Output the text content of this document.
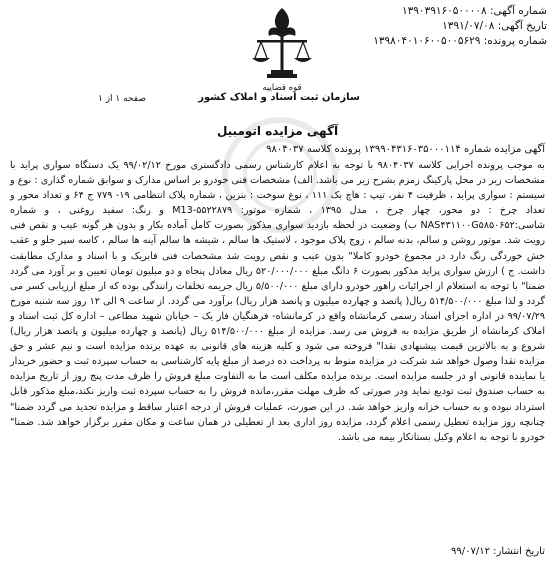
شماره آگهی: ۱۳۹۰۳۹۱۶۰۵۰۰۰۰۸
تاریخ آگهی: ۱۳۹۱/۰۷/۰۸
شماره پرونده: ۱۳۹۸۰۴۰۱۰۶۰۰۵۰۰۵۶۲۹
قوه قضاییه
سازمان ثبت اسناد و املاک کشور
صفحه ۱ از ۱
آگهی مزایده اتومبیل
آگهی مزایده شماره ۱۳۹۹۰۴۳۱۶۰۳۵۰۰۰۱۱۴ پرونده کلاسه ۹۸۰۴۰۳۷

به موجب پرونده اجرایی کلاسه ۹۸۰۴۰۳۷ با توجه به اعلام کارشناس رسمی دادگستری مورخ ۹۹/۰۲/۱۲ یک دستگاه سواری پراید با مشخصات زیر در محل پارکینگ زمزم بشرح زیر می باشد. الف) مشخصات فنی خودرو بر اساس مدارک و سوابق شماره گذاری : نوع و سیستم : سواری پراید ، ظرفیت ۴ نفر، تیپ : هاچ بک ۱۱۱ ، نوع سوخت : بنزین ، شماره پلاک انتظامی ۱۹- ۷۷۹ ج ۶۴ و تعداد محور و تعداد چرخ : دو محور، چهار چرخ ، مدل ۱۳۹۵ ، شماره موتور: M13-۵۵۲۲۸۷۹ و رنگ: سفید روغنی ، و شماره شاسی:NAS۴۳۱۱۰۰G۵۸۵۰۶۵۲ ب) وضعیت در لحظه بازدید سواری مذکور بصورت کامل آماده بکار و بدون هر گونه عیب و نقص فنی رویت شد. موتور روشن و سالم، بدنه سالم ، زوج پلاک موجود ، لاستیک ها سالم ، شیشه ها سالم آینه ها سالم ، کاسه سپر جلو و عقب خش خوردگی رنگ دارد در مجموع خودرو کاملا" بدون عیب و نقص رویت شد مشخصات فنی فابریک و با اسناد و مدارک مطابقت داشت. ج ) ارزش سواری پراید مذکور بصورت ۶ دانگ مبلغ ۵۲۰/۰۰۰/۰۰۰ ریال معادل پنجاه و دو میلیون تومان تعیین و بر آورد می گردد ضمنا" با توجه به استعلام از اجرائیات راهور خودرو دارای مبلغ ۵/۵۰۰/۰۰۰ ریال جریمه تخلفات رانندگی بوده که از مبلغ ارزیابی کسر می گردد و لذا مبلغ ۵۱۴/۵۰۰/۰۰۰ ریال( پانصد و چهارده میلیون و پانصد هزار ریال) برآورد می گردد. از ساعت ۹ الی ۱۲ روز سه شنبه مورخ ۹۹/۰۷/۲۹ در اداره اجرای اسناد رسمی کرمانشاه واقع در کرمانشاه- فرهنگیان فاز یک – خیابان شهید مطاعی – اداره کل ثبت اسناد و املاک کرمانشاه از طریق مزایده به فروش می رسد. مزایده از مبلغ ۵۱۴/۵۰۰/۰۰۰ ریال (پانصد و چهارده میلیون و پانصد هزار ریال) شروع و به بالاترین قیمت پیشنهادی نقدا" فروخته می شود و کلیه هزینه های قانونی به عهده برنده مزایده است و نیم عشر و حق مزایده نقدا وصول خواهد شد شرکت در مزایده منوط به پرداخت ده درصد از مبلغ پایه کارشناسی به حساب سپرده ثبت و حضور خریدار یا نماینده قانونی او در جلسه مزایده است. برنده مزایده مکلف است ما به التفاوت مبلغ فروش را ظرف مدت پنج روز از تاریخ مزایده به حساب صندوق ثبت تودیع نماید ودر صورتی که ظرف مهلت مقرر،مانده فروش را به حساب سپرده ثبت واریز نکند،مبلغ مذکور قابل استرداد نبوده و به حساب خزانه واریز خواهد شد. در این صورت، عملیات فروش از درجه اعتبار ساقط و مزایده تجدید می گردد ضمنا" چنانچه روز مزایده تعطیل رسمی اعلام گردد، مزایده روز اداری بعد از تعطیلی در همان ساعت و مکان مقرر برگزار خواهد شد. ضمنا" خودرو با توجه به اعلام وکیل بستانکار بیمه می باشد.

تاریخ انتشار: ۹۹/۰۷/۱۲
